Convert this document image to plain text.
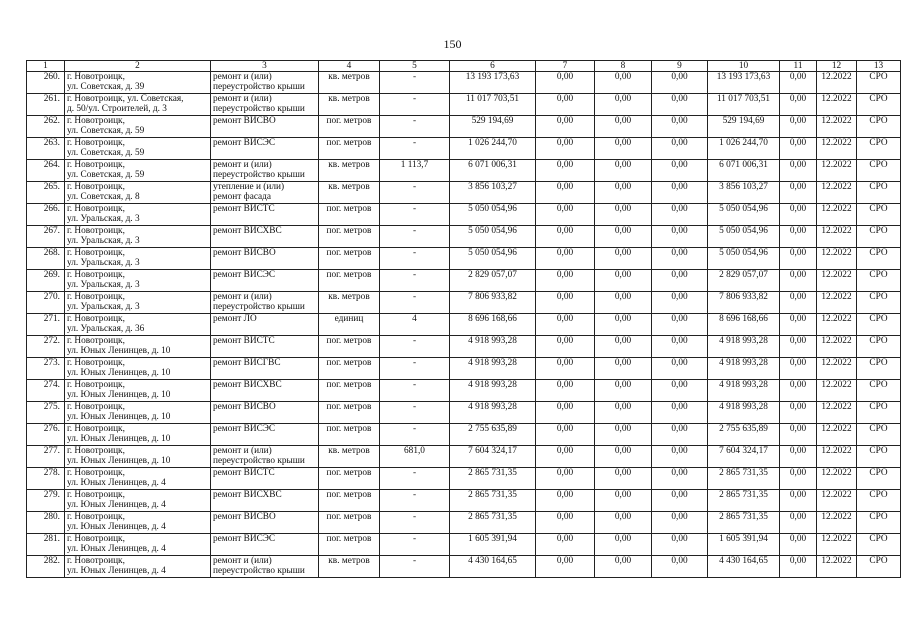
150
1	2	3	4	5	6	7	8	9	10	11	12	13

260.	г. Новотроицк,
ул. Советская, д. 39	ремонт и (или)
переустройство крыши	кв. метров	-	13 193 173,63	0,00	0,00	0,00	13 193 173,63	0,00	12.2022	СРО

261.	г. Новотроицк, ул. Советская,
д. 50/ул. Строителей, д. 3	ремонт и (или)
переустройство крыши	кв. метров	-	11 017 703,51	0,00	0,00	0,00	11 017 703,51	0,00	12.2022	СРО

262.	г. Новотроицк,
ул. Советская, д. 59	ремонт ВИСВО	пог. метров	-	529 194,69	0,00	0,00	0,00	529 194,69	0,00	12.2022	СРО

263.	г. Новотроицк,
ул. Советская, д. 59	ремонт ВИСЭС	пог. метров	-	1 026 244,70	0,00	0,00	0,00	1 026 244,70	0,00	12.2022	СРО

264.	г. Новотроицк,
ул. Советская, д. 59	ремонт и (или)
переустройство крыши	кв. метров	1 113,7	6 071 006,31	0,00	0,00	0,00	6 071 006,31	0,00	12.2022	СРО

265.	г. Новотроицк,
ул. Советская, д. 8	утепление и (или)
ремонт фасада	кв. метров	-	3 856 103,27	0,00	0,00	0,00	3 856 103,27	0,00	12.2022	СРО

266.	г. Новотроицк,
ул. Уральская, д. 3	ремонт ВИСТС	пог. метров	-	5 050 054,96	0,00	0,00	0,00	5 050 054,96	0,00	12.2022	СРО

267.	г. Новотроицк,
ул. Уральская, д. 3	ремонт ВИСХВС	пог. метров	-	5 050 054,96	0,00	0,00	0,00	5 050 054,96	0,00	12.2022	СРО

268.	г. Новотроицк,
ул. Уральская, д. 3	ремонт ВИСВО	пог. метров	-	5 050 054,96	0,00	0,00	0,00	5 050 054,96	0,00	12.2022	СРО

269.	г. Новотроицк,
ул. Уральская, д. 3	ремонт ВИСЭС	пог. метров	-	2 829 057,07	0,00	0,00	0,00	2 829 057,07	0,00	12.2022	СРО

270.	г. Новотроицк,
ул. Уральская, д. 3	ремонт и (или)
переустройство крыши	кв. метров	-	7 806 933,82	0,00	0,00	0,00	7 806 933,82	0,00	12.2022	СРО

271.	г. Новотроицк,
ул. Уральская, д. 36	ремонт ЛО	единиц	4	8 696 168,66	0,00	0,00	0,00	8 696 168,66	0,00	12.2022	СРО

272.	г. Новотроицк,
ул. Юных Ленинцев, д. 10	ремонт ВИСТС	пог. метров	-	4 918 993,28	0,00	0,00	0,00	4 918 993,28	0,00	12.2022	СРО

273.	г. Новотроицк,
ул. Юных Ленинцев, д. 10	ремонт ВИСГВС	пог. метров	-	4 918 993,28	0,00	0,00	0,00	4 918 993,28	0,00	12.2022	СРО

274.	г. Новотроицк,
ул. Юных Ленинцев, д. 10	ремонт ВИСХВС	пог. метров	-	4 918 993,28	0,00	0,00	0,00	4 918 993,28	0,00	12.2022	СРО

275.	г. Новотроицк,
ул. Юных Ленинцев, д. 10	ремонт ВИСВО	пог. метров	-	4 918 993,28	0,00	0,00	0,00	4 918 993,28	0,00	12.2022	СРО

276.	г. Новотроицк,
ул. Юных Ленинцев, д. 10	ремонт ВИСЭС	пог. метров	-	2 755 635,89	0,00	0,00	0,00	2 755 635,89	0,00	12.2022	СРО

277.	г. Новотроицк,
ул. Юных Ленинцев, д. 10	ремонт и (или)
переустройство крыши	кв. метров	681,0	7 604 324,17	0,00	0,00	0,00	7 604 324,17	0,00	12.2022	СРО

278.	г. Новотроицк,
ул. Юных Ленинцев, д. 4	ремонт ВИСТС	пог. метров	-	2 865 731,35	0,00	0,00	0,00	2 865 731,35	0,00	12.2022	СРО

279.	г. Новотроицк,
ул. Юных Ленинцев, д. 4	ремонт ВИСХВС	пог. метров	-	2 865 731,35	0,00	0,00	0,00	2 865 731,35	0,00	12.2022	СРО

280.	г. Новотроицк,
ул. Юных Ленинцев, д. 4	ремонт ВИСВО	пог. метров	-	2 865 731,35	0,00	0,00	0,00	2 865 731,35	0,00	12.2022	СРО

281.	г. Новотроицк,
ул. Юных Ленинцев, д. 4	ремонт ВИСЭС	пог. метров	-	1 605 391,94	0,00	0,00	0,00	1 605 391,94	0,00	12.2022	СРО

282.	г. Новотроицк,
ул. Юных Ленинцев, д. 4	ремонт и (или)
переустройство крыши	кв. метров	-	4 430 164,65	0,00	0,00	0,00	4 430 164,65	0,00	12.2022	СРО
